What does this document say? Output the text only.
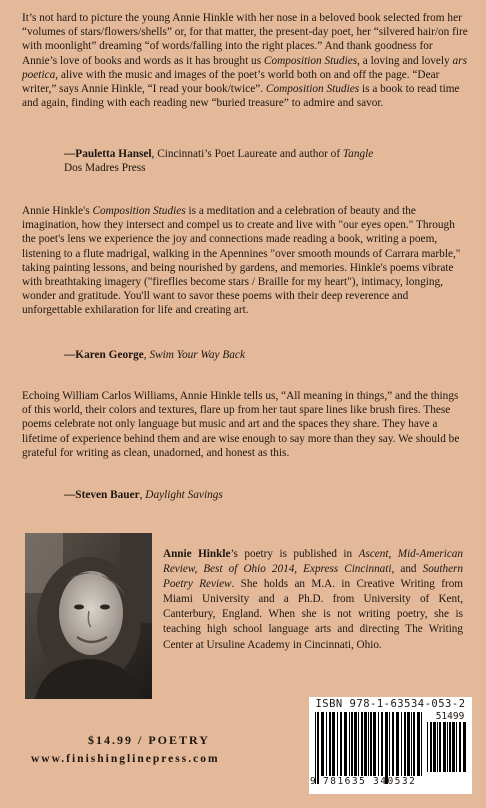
It’s not hard to picture the young Annie Hinkle with her nose in a beloved book selected from her “volumes of stars/flowers/shells” or, for that matter, the present-day poet, her “silvered hair/on fire with moonlight” dreaming “of words/falling into the right places.” And thank goodness for Annie’s love of books and words as it has brought us Composition Studies, a loving and lovely ars poetica, alive with the music and images of the poet’s world both on and off the page. “Dear writer,” says Annie Hinkle, “I read your book/twice”. Composition Studies is a book to read time and again, finding with each reading new “buried treasure” to admire and savor.

—Pauletta Hansel, Cincinnati’s Poet Laureate and author of Tangle
Dos Madres Press

Annie Hinkle's Composition Studies is a meditation and a celebration of beauty and the imagination, how they intersect and compel us to create and live with "our eyes open." Through the poet's lens we experience the joy and connections made reading a book, writing a poem, listening to a flute madrigal, walking in the Apennines "over smooth mounds of Carrara marble," taking painting lessons, and being nourished by gardens, and memories. Hinkle's poems vibrate with breathtaking imagery ("fireflies become stars / Braille for my heart"), intimacy, longing, wonder and gratitude. You'll want to savor these poems with their deep reverence and unforgettable exhilaration for life and creating art.

—Karen George, Swim Your Way Back

Echoing William Carlos Williams, Annie Hinkle tells us, “All meaning in things,” and the things of this world, their colors and textures, flare up from her taut spare lines like brush fires. These poems celebrate not only language but music and art and the spaces they share. They have a lifetime of experience behind them and are wise enough to say more than they say. We should be grateful for writing as clean, unadorned, and honest as this.

—Steven Bauer, Daylight Savings
Annie Hinkle’s poetry is published in Ascent, Mid-American Review, Best of Ohio 2014, Express Cincinnati, and Southern Poetry Review. She holds an M.A. in Creative Writing from Miami University and a Ph.D. from University of Kent, Canterbury, England. When she is not writing poetry, she is teaching high school language arts and directing The Writing Center at Ursuline Academy in Cincinnati, Ohio.
$14.99 / POETRY
www.finishinglinepress.com
ISBN 978-1-63534-053-2
51499
9 781635 340532
